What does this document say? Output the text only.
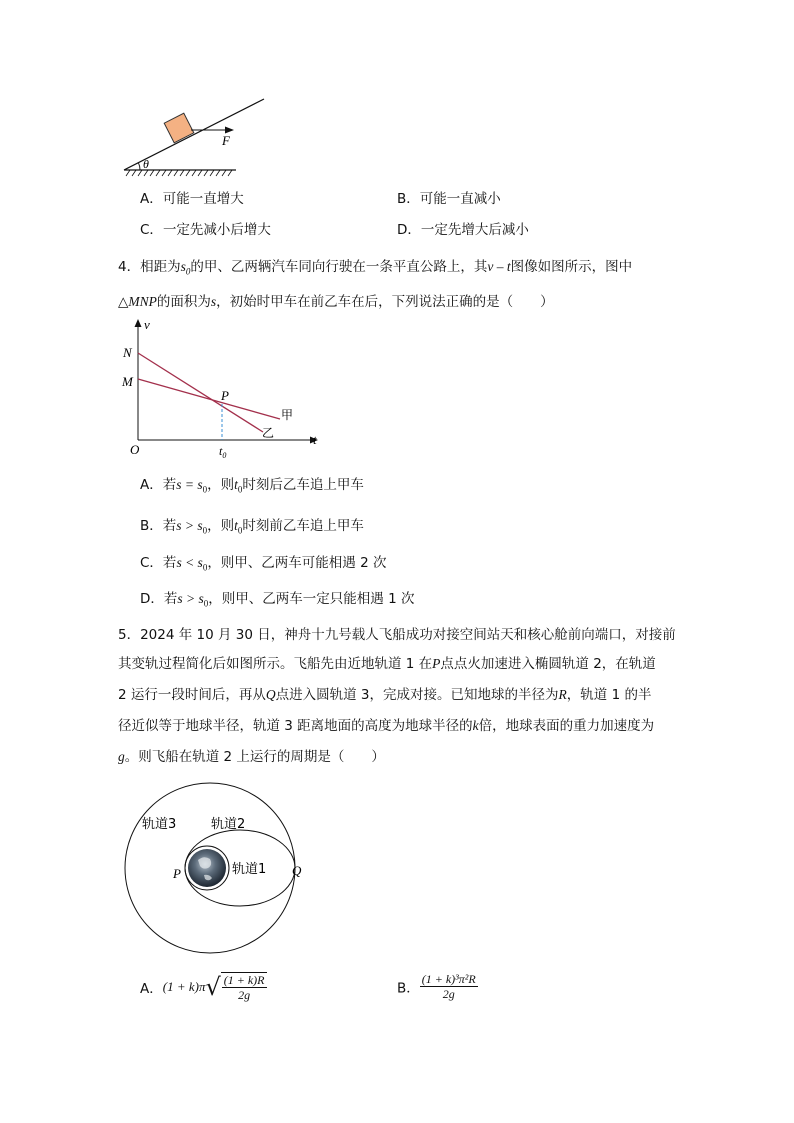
F
θ
A．可能一直增大	B．可能一直减小
C．一定先减小后增大	D．一定先增大后减小
4．相距为$s_0$的甲、乙两辆汽车同向行驶在一条平直公路上，其v – t图像如图所示，图中
△MNP的面积为s，初始时甲车在前乙车在后，下列说法正确的是（　　）
v
t
O
N
M
P
$t_0$
甲
乙
A．若$s = s_0$，则$t_0$时刻后乙车追上甲车
B．若$s > s_0$，则$t_0$时刻前乙车追上甲车
C．若$s < s_0$，则甲、乙两车可能相遇 2 次
D．若$s > s_0$，则甲、乙两车一定只能相遇 1 次
5．2024 年 10 月 30 日，神舟十九号载人飞船成功对接空间站天和核心舱前向端口，对接前
其变轨过程简化后如图所示。飞船先由近地轨道 1 在P点点火加速进入椭圆轨道 2，在轨道
2 运行一段时间后，再从Q点进入圆轨道 3，完成对接。已知地球的半径为R，轨道 1 的半
径近似等于地球半径，轨道 3 距离地面的高度为地球半径的k倍，地球表面的重力加速度为
g。则飞船在轨道 2 上运行的周期是（　　）
轨道3	轨道2
轨道1
P	Q
A．$(1 + k)\pi√ \frac{(1 + k)R}{2g}$	B． $\frac{\text{(1 + k)³π²R}}{2g}$
